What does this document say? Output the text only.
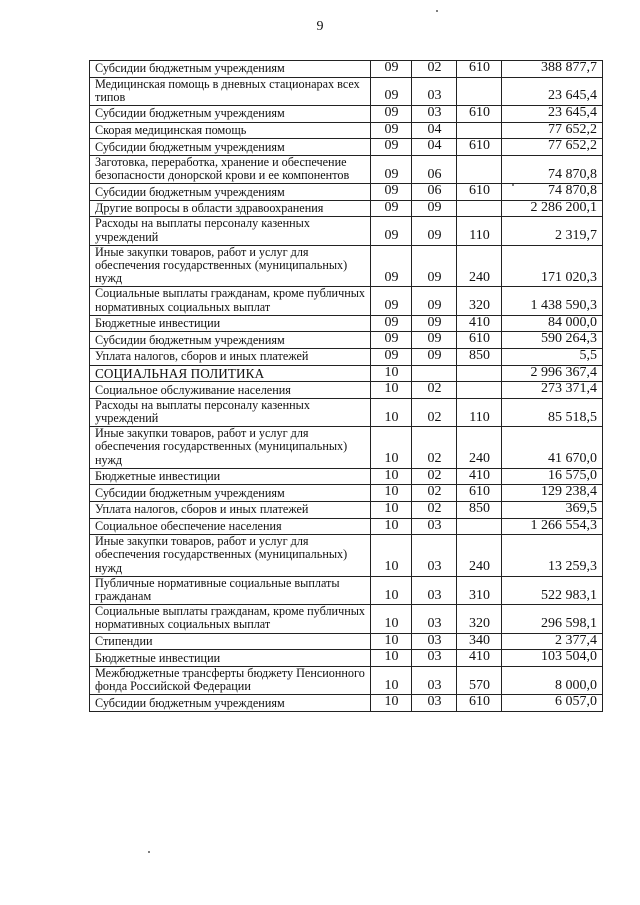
9
Субсидии бюджетным учреждениям	09	02	610	388 877,7
Медицинская помощь в дневных стационарах всех типов	09	03		23 645,4
Субсидии бюджетным учреждениям	09	03	610	23 645,4
Скорая медицинская помощь	09	04		77 652,2
Субсидии бюджетным учреждениям	09	04	610	77 652,2
Заготовка, переработка, хранение и обеспечение безопасности донорской крови и ее компонентов	09	06		74 870,8
Субсидии бюджетным учреждениям	09	06	610	74 870,8
Другие вопросы в области здравоохранения	09	09		2 286 200,1
Расходы на выплаты персоналу казенных учреждений	09	09	110	2 319,7
Иные закупки товаров, работ и услуг для обеспечения государственных (муниципальных) нужд	09	09	240	171 020,3
Социальные выплаты гражданам, кроме публичных нормативных социальных выплат	09	09	320	1 438 590,3
Бюджетные инвестиции	09	09	410	84 000,0
Субсидии бюджетным учреждениям	09	09	610	590 264,3
Уплата налогов, сборов и иных платежей	09	09	850	5,5
СОЦИАЛЬНАЯ ПОЛИТИКА	10			2 996 367,4
Социальное обслуживание населения	10	02		273 371,4
Расходы на выплаты персоналу казенных учреждений	10	02	110	85 518,5
Иные закупки товаров, работ и услуг для обеспечения государственных (муниципальных) нужд	10	02	240	41 670,0
Бюджетные инвестиции	10	02	410	16 575,0
Субсидии бюджетным учреждениям	10	02	610	129 238,4
Уплата налогов, сборов и иных платежей	10	02	850	369,5
Социальное обеспечение населения	10	03		1 266 554,3
Иные закупки товаров, работ и услуг для обеспечения государственных (муниципальных) нужд	10	03	240	13 259,3
Публичные нормативные социальные выплаты гражданам	10	03	310	522 983,1
Социальные выплаты гражданам, кроме публичных нормативных социальных выплат	10	03	320	296 598,1
Стипендии	10	03	340	2 377,4
Бюджетные инвестиции	10	03	410	103 504,0
Межбюджетные трансферты бюджету Пенсионного фонда Российской Федерации	10	03	570	8 000,0
Субсидии бюджетным учреждениям	10	03	610	6 057,0
